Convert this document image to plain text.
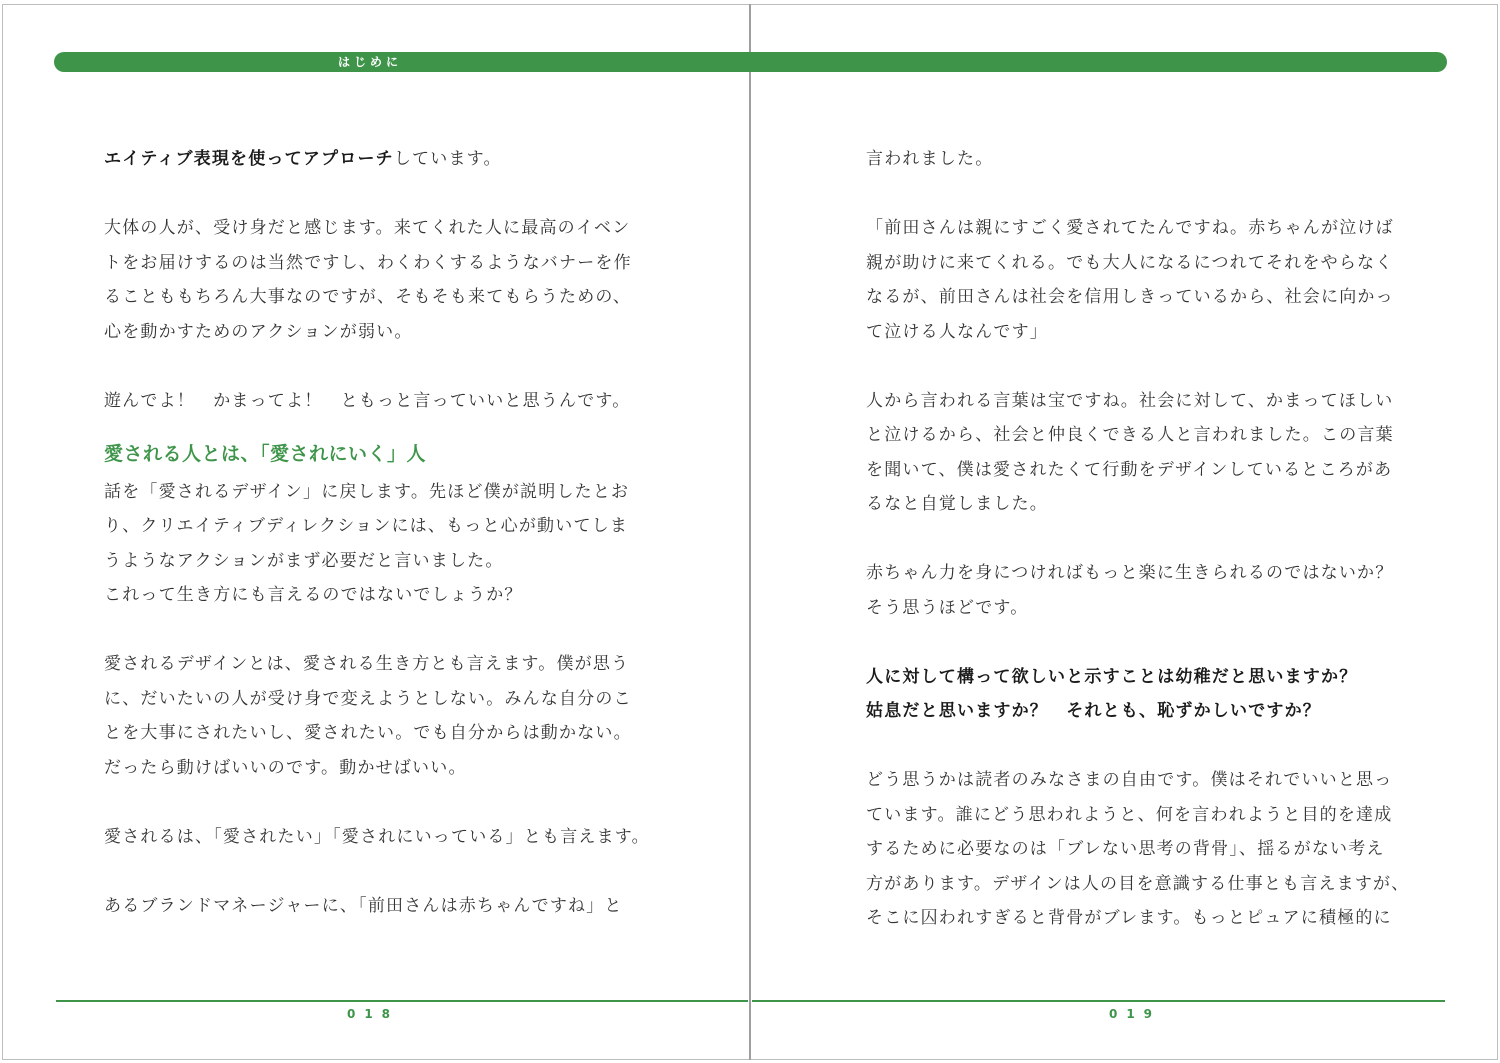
はじめに

エイティブ表現を使ってアプローチしています。

大体の人が、受け身だと感じます。来てくれた人に最高のイベン
トをお届けするのは当然ですし、わくわくするようなバナーを作
ることももちろん大事なのですが、そもそも来てもらうための、
心を動かすためのアクションが弱い。

遊んでよ！　かまってよ！　ともっと言っていいと思うんです。

愛される人とは、「愛されにいく」人

話を「愛されるデザイン」に戻します。先ほど僕が説明したとお
り、クリエイティブディレクションには、もっと心が動いてしま
うようなアクションがまず必要だと言いました。
これって生き方にも言えるのではないでしょうか？

愛されるデザインとは、愛される生き方とも言えます。僕が思う
に、だいたいの人が受け身で変えようとしない。みんな自分のこ
とを大事にされたいし、愛されたい。でも自分からは動かない。
だったら動けばいいのです。動かせばいい。

愛されるは、「愛されたい」「愛されにいっている」とも言えます。

あるブランドマネージャーに、「前田さんは赤ちゃんですね」と

言われました。

「前田さんは親にすごく愛されてたんですね。赤ちゃんが泣けば
親が助けに来てくれる。でも大人になるにつれてそれをやらなく
なるが、前田さんは社会を信用しきっているから、社会に向かっ
て泣ける人なんです」

人から言われる言葉は宝ですね。社会に対して、かまってほしい
と泣けるから、社会と仲良くできる人と言われました。この言葉
を聞いて、僕は愛されたくて行動をデザインしているところがあ
るなと自覚しました。

赤ちゃん力を身につければもっと楽に生きられるのではないか？
そう思うほどです。

人に対して構って欲しいと示すことは幼稚だと思いますか？
姑息だと思いますか？　それとも、恥ずかしいですか？

どう思うかは読者のみなさまの自由です。僕はそれでいいと思っ
ています。誰にどう思われようと、何を言われようと目的を達成
するために必要なのは「ブレない思考の背骨」、揺るがない考え
方があります。デザインは人の目を意識する仕事とも言えますが、
そこに囚われすぎると背骨がブレます。もっとピュアに積極的に

018	019
